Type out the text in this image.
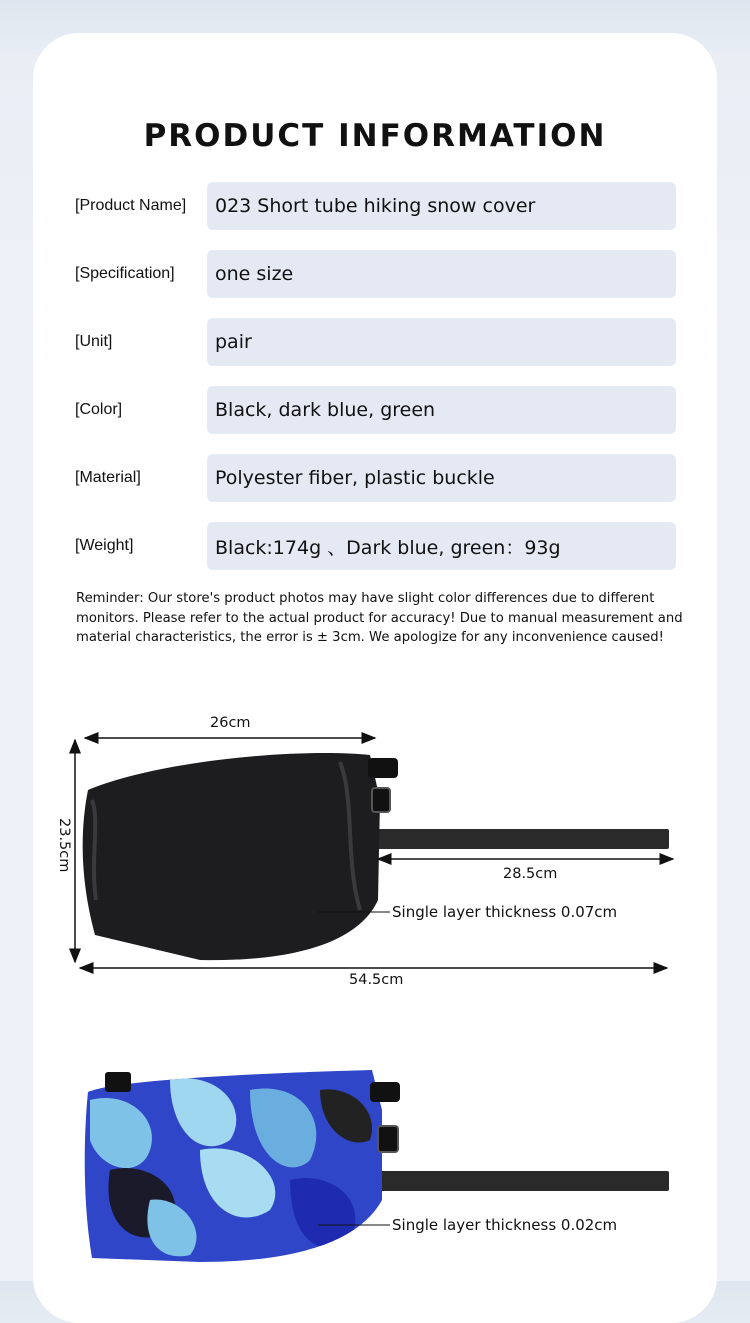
PRODUCT INFORMATION
[Product Name] 023 Short tube hiking snow cover
[Specification] one size
[Unit]	pair
[Color]	Black, dark blue, green
[Material]	Polyester fiber, plastic buckle
[Weight]	Black:174g 、Dark blue, green：93g
Reminder: Our store's product photos may have slight color differences due to different monitors. Please refer to the actual product for accuracy! Due to manual measurement and material characteristics, the error is ± 3cm. We apologize for any inconvenience caused!
26cm
23.5cm
28.5cm
54.5cm
Single layer thickness 0.07cm
Single layer thickness 0.02cm
